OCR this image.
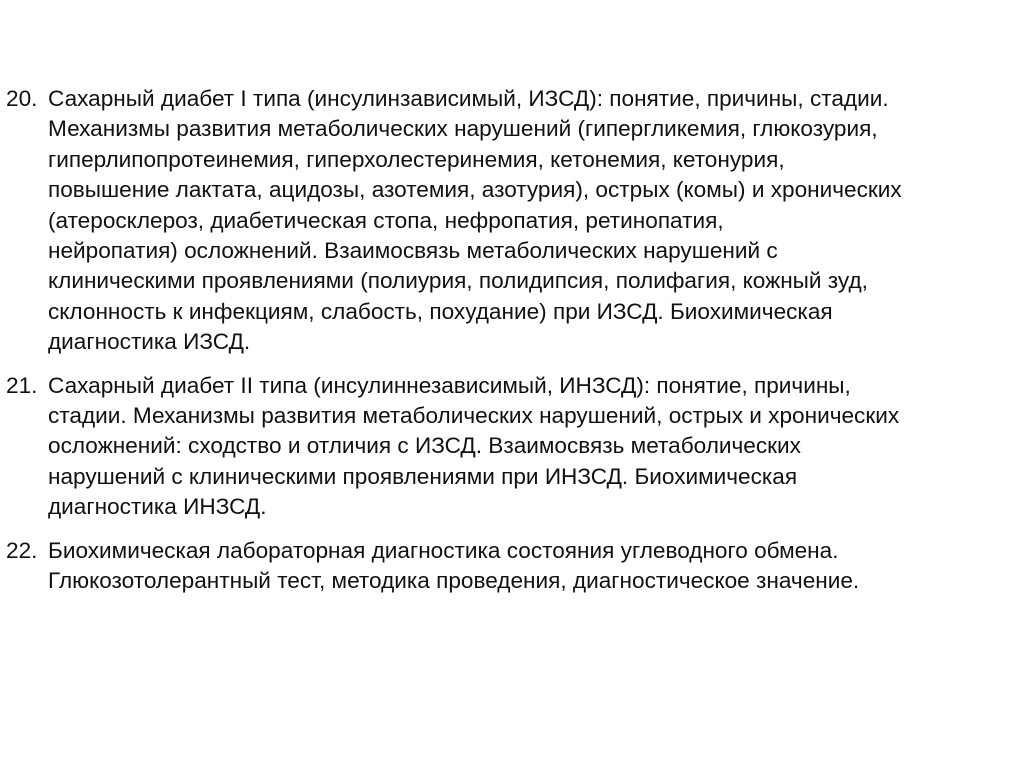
20. Сахарный диабет I типа (инсулинзависимый, ИЗСД): понятие, причины, стадии.
Механизмы развития метаболических нарушений (гипергликемия, глюкозурия,
гиперлипопротеинемия, гиперхолестеринемия, кетонемия, кетонурия,
повышение лактата, ацидозы, азотемия, азотурия), острых (комы) и хронических
(атеросклероз, диабетическая стопа, нефропатия, ретинопатия,
нейропатия) осложнений. Взаимосвязь метаболических нарушений с
клиническими проявлениями (полиурия, полидипсия, полифагия, кожный зуд,
склонность к инфекциям, слабость, похудание) при ИЗСД. Биохимическая
диагностика ИЗСД.
21. Сахарный диабет II типа (инсулиннезависимый, ИНЗСД): понятие, причины,
стадии. Механизмы развития метаболических нарушений, острых и хронических
осложнений: сходство и отличия с ИЗСД. Взаимосвязь метаболических
нарушений с клиническими проявлениями при ИНЗСД. Биохимическая
диагностика ИНЗСД.
22. Биохимическая лабораторная диагностика состояния углеводного обмена.
Глюкозотолерантный тест, методика проведения, диагностическое значение.
